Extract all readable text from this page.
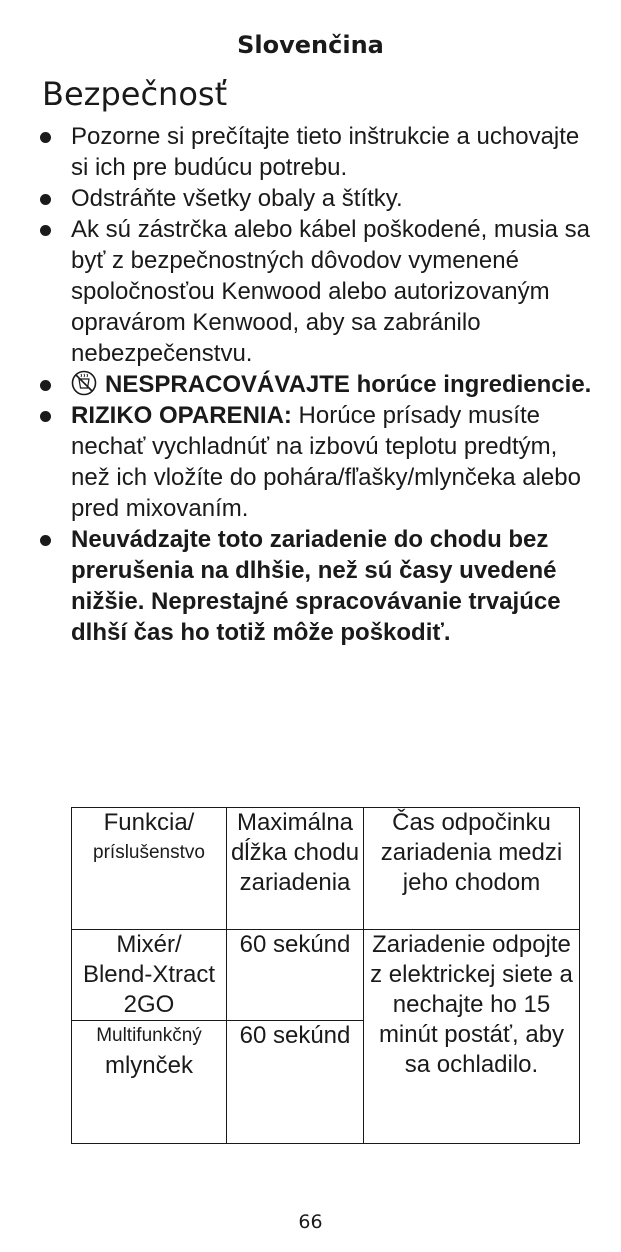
Slovenčina
Bezpečnosť
Pozorne si prečítajte tieto inštrukcie a uchovajte si ich pre budúcu potrebu.
Odstráňte všetky obaly a štítky.
Ak sú zástrčka alebo kábel poškodené, musia sa byť z bezpečnostných dôvodov vymenené spoločnosťou Kenwood alebo autorizovaným opravárom Kenwood, aby sa zabránilo nebezpečenstvu.
NESPRACOVÁVAJTE horúce ingrediencie.
RIZIKO OPARENIA: Horúce prísady musíte nechať vychladnúť na izbovú teplotu predtým, než ich vložíte do pohára/fľašky/mlynčeka alebo pred mixovaním.
Neuvádzajte toto zariadenie do chodu bez prerušenia na dlhšie, než sú časy uvedené nižšie. Neprestajné spracovávanie trvajúce dlhší čas ho totiž môže poškodiť.
Funkcia/
príslušenstvo	Maximálna dĺžka chodu zariadenia	Čas odpočinku zariadenia medzi jeho chodom

Mixér/
Blend-Xtract 2GO	60 sekúnd	Zariadenie odpojte z elektrickej siete a nechajte ho 15 minút postáť, aby sa ochladilo.

Multifunkčný
mlynček	60 sekúnd	
66
